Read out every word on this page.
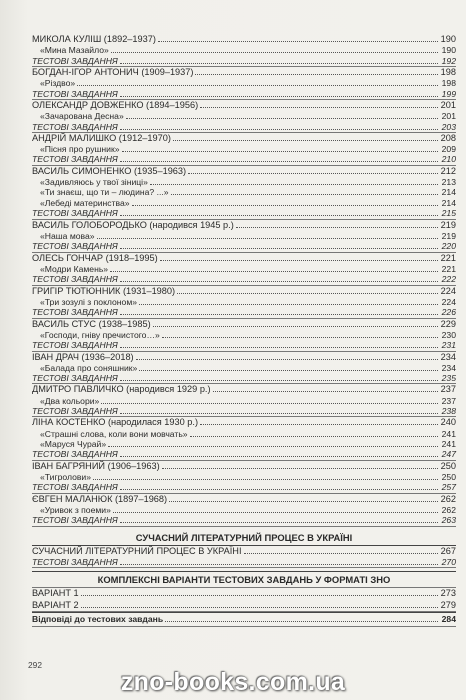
МИКОЛА КУЛІШ (1892–1937)	190
«Мина Мазайло»	190
ТЕСТОВІ ЗАВДАННЯ	192
БОГДАН-ІГОР АНТОНИЧ (1909–1937)	198
«Різдво»	198
ТЕСТОВІ ЗАВДАННЯ	199
ОЛЕКСАНДР ДОВЖЕНКО (1894–1956)	201
«Зачарована Десна»	201
ТЕСТОВІ ЗАВДАННЯ	203
АНДРІЙ МАЛИШКО (1912–1970)	208
«Пісня про рушник»	209
ТЕСТОВІ ЗАВДАННЯ	210
ВАСИЛЬ СИМОНЕНКО (1935–1963)	212
«Задивляюсь у твої зіниці»	213
«Ти знаєш, що ти – людина? ...»	214
«Лебеді материнства»	214
ТЕСТОВІ ЗАВДАННЯ	215
ВАСИЛЬ ГОЛОБОРОДЬКО (народився 1945 р.)	219
«Наша мова»	219
ТЕСТОВІ ЗАВДАННЯ	220
ОЛЕСЬ ГОНЧАР (1918–1995)	221
«Модри Камень»	221
ТЕСТОВІ ЗАВДАННЯ	222
ГРИГІР ТЮТЮННИК (1931–1980)	224
«Три зозулі з поклоном»	224
ТЕСТОВІ ЗАВДАННЯ	226
ВАСИЛЬ СТУС (1938–1985)	229
«Господи, гніву пречистого…»	230
ТЕСТОВІ ЗАВДАННЯ	231
ІВАН ДРАЧ (1936–2018)	234
«Балада про соняшник»	234
ТЕСТОВІ ЗАВДАННЯ	235
ДМИТРО ПАВЛИЧКО (народився 1929 р.)	237
«Два кольори»	237
ТЕСТОВІ ЗАВДАННЯ	238
ЛІНА КОСТЕНКО (народилася 1930 р.)	240
«Страшні слова, коли вони мовчать»	241
«Маруся Чурай»	241
ТЕСТОВІ ЗАВДАННЯ	247
ІВАН БАГРЯНИЙ (1906–1963)	250
«Тигролови»	250
ТЕСТОВІ ЗАВДАННЯ	257
ЄВГЕН МАЛАНЮК (1897–1968)	262
«Уривок з поеми»	262
ТЕСТОВІ ЗАВДАННЯ	263
СУЧАСНИЙ ЛІТЕРАТУРНИЙ ПРОЦЕС В УКРАЇНІ
СУЧАСНИЙ ЛІТЕРАТУРНИЙ ПРОЦЕС В УКРАЇНІ	267
ТЕСТОВІ ЗАВДАННЯ	270
КОМПЛЕКСНІ ВАРІАНТИ ТЕСТОВИХ ЗАВДАНЬ У ФОРМАТІ ЗНО
ВАРІАНТ 1	273
ВАРІАНТ 2	279
Відповіді до тестових завдань	284
292
zno-books.com.ua
